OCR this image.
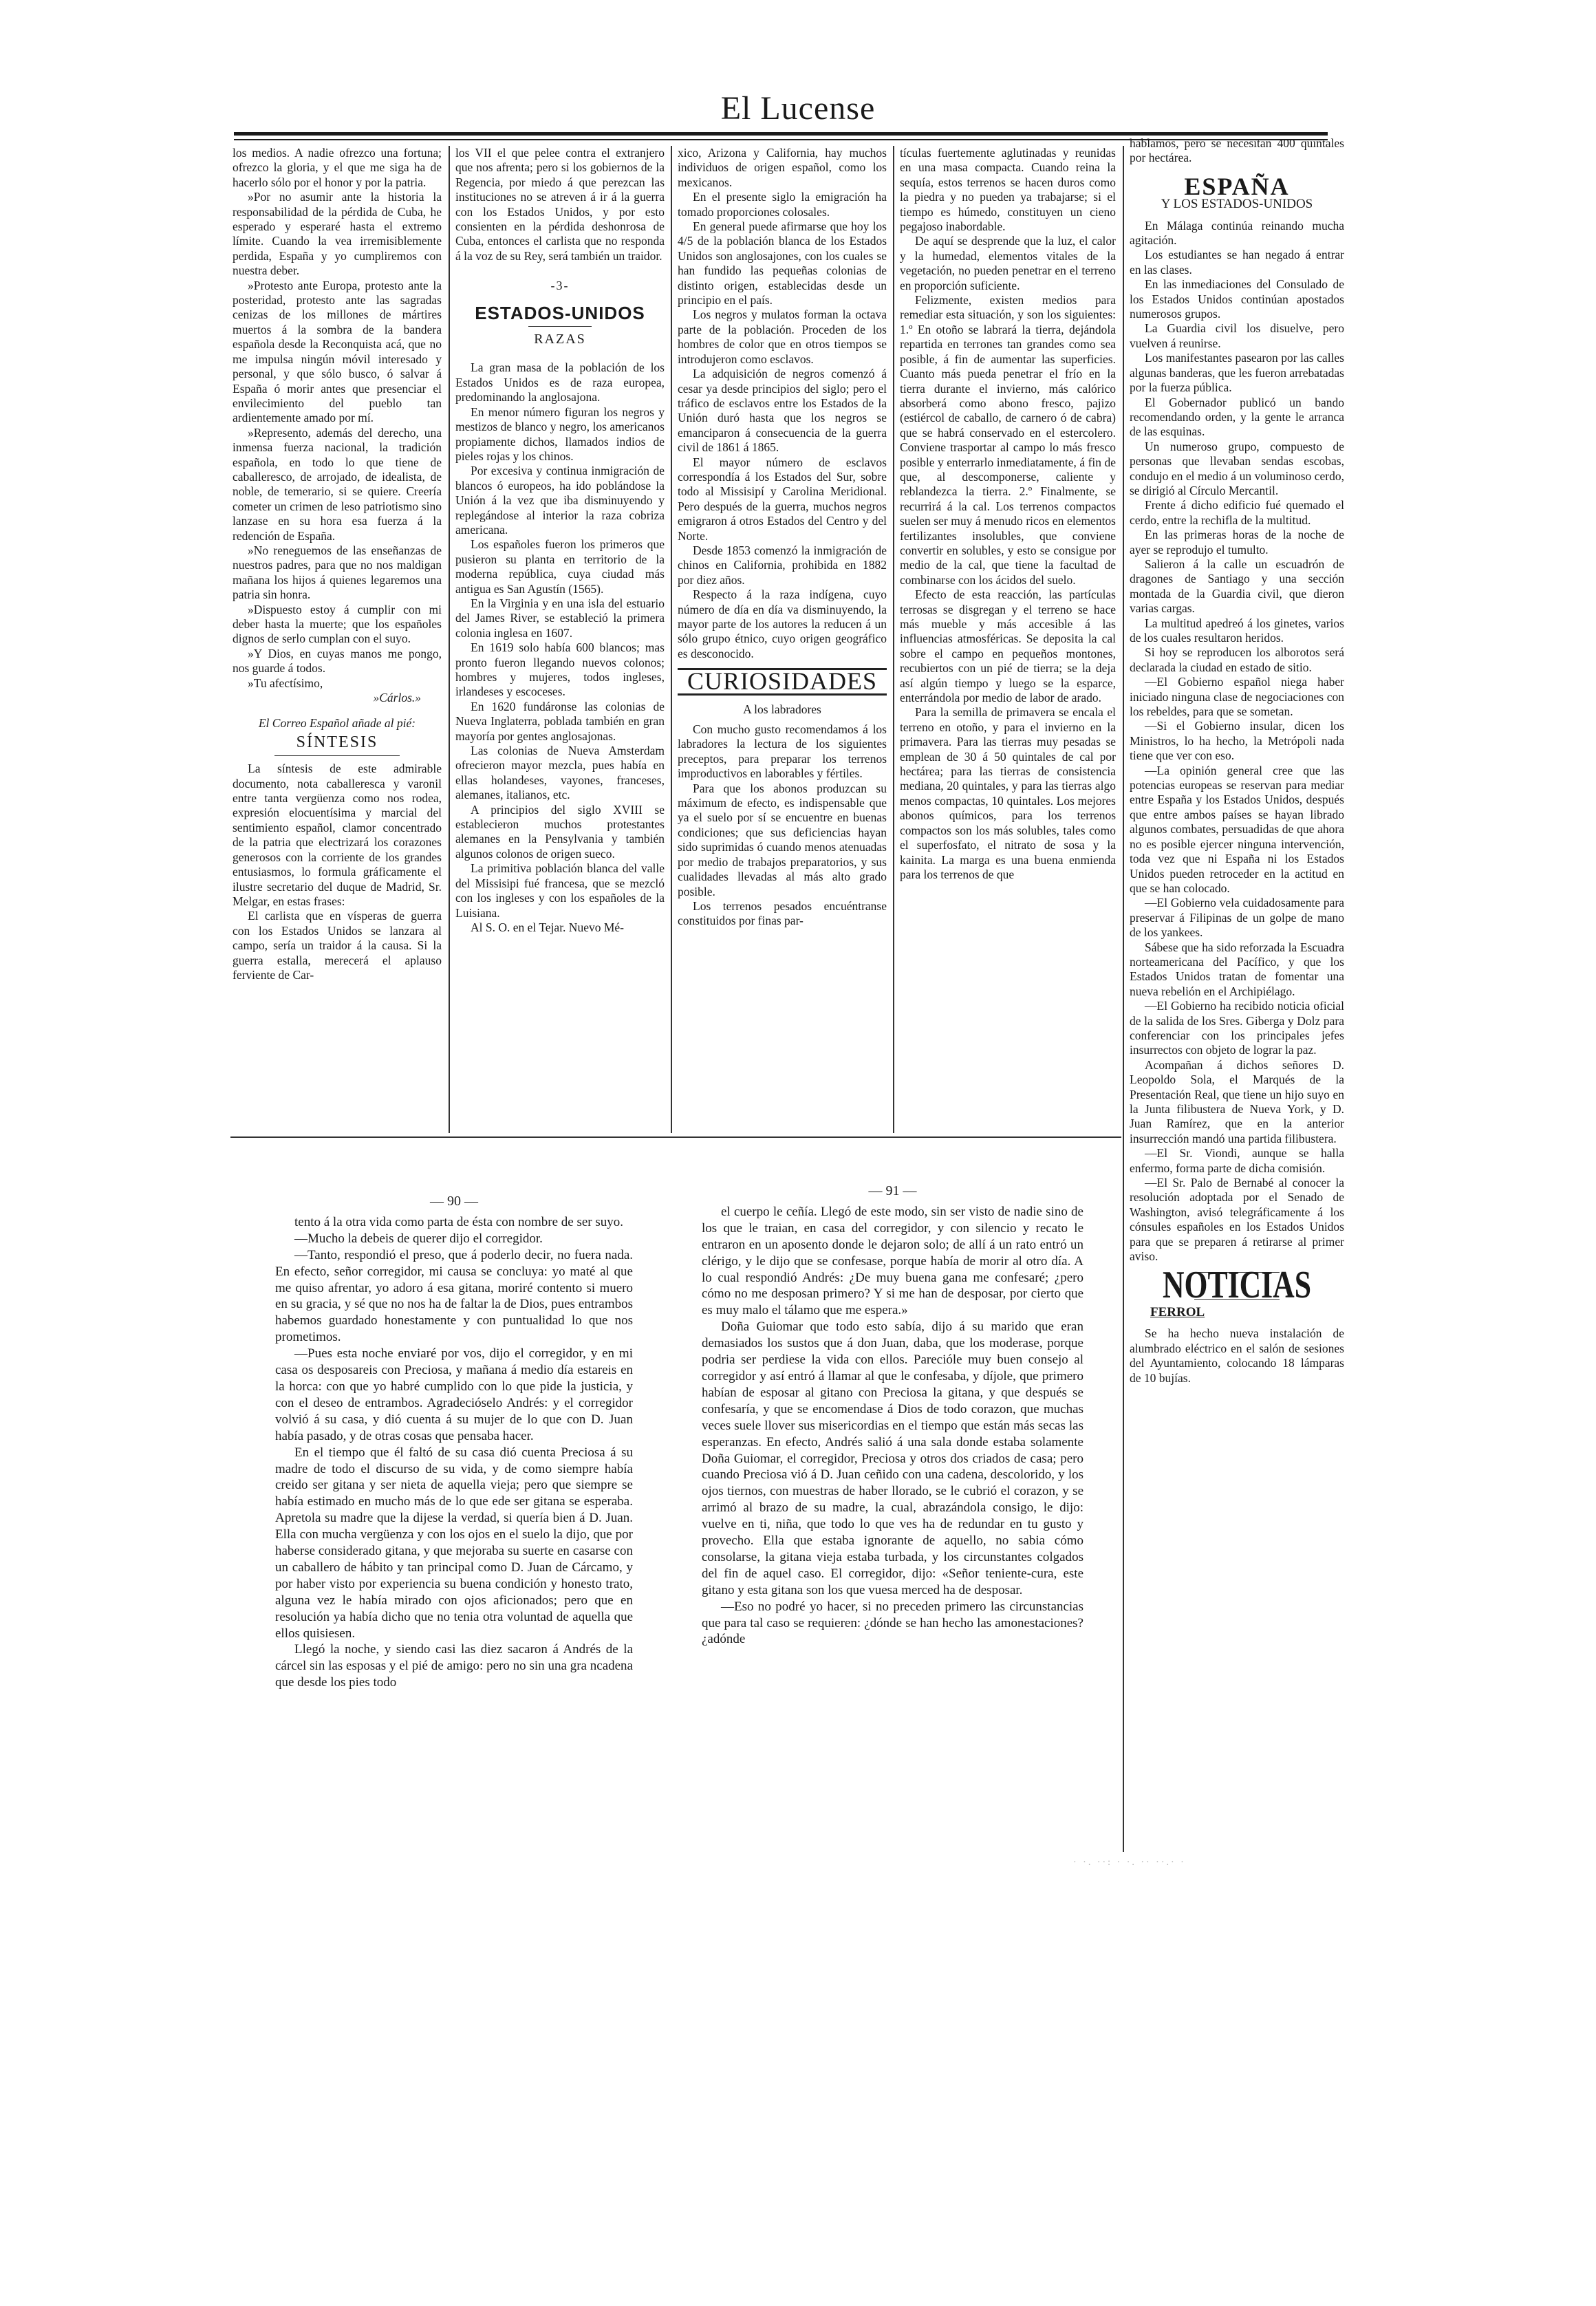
El Lucense

los medios. A nadie ofrezco una fortuna; ofrezco la gloria, y el que me siga ha de hacerlo sólo por el honor y por la patria.

»Por no asumir ante la historia la responsabilidad de la pérdida de Cuba, he esperado y esperaré hasta el extremo límite. Cuando la vea irremisiblemente perdida, España y yo cumpliremos con nuestra deber.

»Protesto ante Europa, protesto ante la posteridad, protesto ante las sagradas cenizas de los millones de mártires muertos á la sombra de la bandera española desde la Reconquista acá, que no me impulsa ningún móvil interesado y personal, y que sólo busco, ó salvar á España ó morir antes que presenciar el envilecimiento del pueblo tan ardientemente amado por mí.

»Represento, además del derecho, una inmensa fuerza nacional, la tradición española, en todo lo que tiene de caballeresco, de arrojado, de idealista, de noble, de temerario, si se quiere. Creería cometer un crimen de leso patriotismo sino lanzase en su hora esa fuerza á la redención de España.

»No reneguemos de las enseñanzas de nuestros padres, para que no nos maldigan mañana los hijos á quienes legaremos una patria sin honra.

»Dispuesto estoy á cumplir con mi deber hasta la muerte; que los españoles dignos de serlo cumplan con el suyo.

»Y Dios, en cuyas manos me pongo, nos guarde á todos.

»Tu afectísimo,

»Cárlos.»
El Correo Español añade al pié:
SÍNTESIS

La síntesis de este admirable documento, nota caballeresca y varonil entre tanta vergüenza como nos rodea, expresión elocuentísima y marcial del sentimiento español, clamor concentrado de la patria que electrizará los corazones generosos con la corriente de los grandes entusiasmos, lo formula gráficamente el ilustre secretario del duque de Madrid, Sr. Melgar, en estas frases:

El carlista que en vísperas de guerra con los Estados Unidos se lanzara al campo, sería un traidor á la causa. Si la guerra estalla, merecerá el aplauso ferviente de Car-

los VII el que pelee contra el extranjero que nos afrenta; pero si los gobiernos de la Regencia, por miedo á que perezcan las instituciones no se atreven á ir á la guerra con los Estados Unidos, y por esto consienten en la pérdida deshonrosa de Cuba, entonces el carlista que no responda á la voz de su Rey, será también un traidor.

-3-
ESTADOS-UNIDOS
RAZAS

La gran masa de la población de los Estados Unidos es de raza europea, predominando la anglosajona.

En menor número figuran los negros y mestizos de blanco y negro, los americanos propiamente dichos, llamados indios de pieles rojas y los chinos.

Por excesiva y continua inmigración de blancos ó europeos, ha ido poblándose la Unión á la vez que iba disminuyendo y replegándose al interior la raza cobriza americana.

Los españoles fueron los primeros que pusieron su planta en territorio de la moderna república, cuya ciudad más antigua es San Agustín (1565).

En la Virginia y en una isla del estuario del James River, se estableció la primera colonia inglesa en 1607.

En 1619 solo había 600 blancos; mas pronto fueron llegando nuevos colonos; hombres y mujeres, todos ingleses, irlandeses y escoceses.

En 1620 fundáronse las colonias de Nueva Inglaterra, poblada también en gran mayoría por gentes anglosajonas.

Las colonias de Nueva Amsterdam ofrecieron mayor mezcla, pues había en ellas holandeses, vayones, franceses, alemanes, italianos, etc.

A principios del siglo XVIII se establecieron muchos protestantes alemanes en la Pensylvania y también algunos colonos de origen sueco.

La primitiva población blanca del valle del Missisipi fué francesa, que se mezcló con los ingleses y con los españoles de la Luisiana.

Al S. O. en el Tejar. Nuevo Mé-

xico, Arizona y California, hay muchos individuos de origen español, como los mexicanos.

En el presente siglo la emigración ha tomado proporciones colosales.

En general puede afirmarse que hoy los 4/5 de la población blanca de los Estados Unidos son anglosajones, con los cuales se han fundido las pequeñas colonias de distinto origen, establecidas desde un principio en el país.

Los negros y mulatos forman la octava parte de la población. Proceden de los hombres de color que en otros tiempos se introdujeron como esclavos.

La adquisición de negros comenzó á cesar ya desde principios del siglo; pero el tráfico de esclavos entre los Estados de la Unión duró hasta que los negros se emanciparon á consecuencia de la guerra civil de 1861 á 1865.

El mayor número de esclavos correspondía á los Estados del Sur, sobre todo al Missisipí y Carolina Meridional. Pero después de la guerra, muchos negros emigraron á otros Estados del Centro y del Norte.

Desde 1853 comenzó la inmigración de chinos en California, prohibida en 1882 por diez años.

Respecto á la raza indígena, cuyo número de día en día va disminuyendo, la mayor parte de los autores la reducen á un sólo grupo étnico, cuyo origen geográfico es desconocido.

CURIOSIDADES
A los labradores

Con mucho gusto recomendamos á los labradores la lectura de los siguientes preceptos, para preparar los terrenos improductivos en laborables y fértiles.

Para que los abonos produzcan su máximum de efecto, es indispensable que ya el suelo por sí se encuentre en buenas condiciones; que sus deficiencias hayan sido suprimidas ó cuando menos atenuadas por medio de trabajos preparatorios, y sus cualidades llevadas al más alto grado posible.

Los terrenos pesados encuéntranse constituidos por finas par-

tículas fuertemente aglutinadas y reunidas en una masa compacta. Cuando reina la sequía, estos terrenos se hacen duros como la piedra y no pueden ya trabajarse; si el tiempo es húmedo, constituyen un cieno pegajoso inabordable.

De aquí se desprende que la luz, el calor y la humedad, elementos vitales de la vegetación, no pueden penetrar en el terreno en proporción suficiente.

Felizmente, existen medios para remediar esta situación, y son los siguientes: 1.º En otoño se labrará la tierra, dejándola repartida en terrones tan grandes como sea posible, á fin de aumentar las superficies. Cuanto más pueda penetrar el frío en la tierra durante el invierno, más calórico absorberá como abono fresco, pajizo (estiércol de caballo, de carnero ó de cabra) que se habrá conservado en el estercolero. Conviene trasportar al campo lo más fresco posible y enterrarlo inmediatamente, á fin de que, al descomponerse, caliente y reblandezca la tierra. 2.º Finalmente, se recurrirá á la cal. Los terrenos compactos suelen ser muy á menudo ricos en elementos fertilizantes insolubles, que conviene convertir en solubles, y esto se consigue por medio de la cal, que tiene la facultad de combinarse con los ácidos del suelo.

Efecto de esta reacción, las partículas terrosas se disgregan y el terreno se hace más mueble y más accesible á las influencias atmosféricas. Se deposita la cal sobre el campo en pequeños montones, recubiertos con un pié de tierra; se la deja así algún tiempo y luego se la esparce, enterrándola por medio de labor de arado.

Para la semilla de primavera se encala el terreno en otoño, y para el invierno en la primavera. Para las tierras muy pesadas se emplean de 30 á 50 quintales de cal por hectárea; para las tierras de consistencia mediana, 20 quintales, y para las tierras algo menos compactas, 10 quintales. Los mejores abonos químicos, para los terrenos compactos son los más solubles, tales como el superfosfato, el nitrato de sosa y la kainita. La marga es una buena enmienda para los terrenos de que

hablamos, pero se necesitan 400 quintales por hectárea.

ESPAÑA
Y LOS ESTADOS-UNIDOS

En Málaga continúa reinando mucha agitación.

Los estudiantes se han negado á entrar en las clases.

En las inmediaciones del Consulado de los Estados Unidos continúan apostados numerosos grupos.

La Guardia civil los disuelve, pero vuelven á reunirse.

Los manifestantes pasearon por las calles algunas banderas, que les fueron arrebatadas por la fuerza pública.

El Gobernador publicó un bando recomendando orden, y la gente le arranca de las esquinas.

Un numeroso grupo, compuesto de personas que llevaban sendas escobas, condujo en el medio á un voluminoso cerdo, se dirigió al Círculo Mercantil.

Frente á dicho edificio fué quemado el cerdo, entre la rechifla de la multitud.

En las primeras horas de la noche de ayer se reprodujo el tumulto.

Salieron á la calle un escuadrón de dragones de Santiago y una sección montada de la Guardia civil, que dieron varias cargas.

La multitud apedreó á los ginetes, varios de los cuales resultaron heridos.

Si hoy se reproducen los alborotos será declarada la ciudad en estado de sitio.

—El Gobierno español niega haber iniciado ninguna clase de negociaciones con los rebeldes, para que se sometan.

—Si el Gobierno insular, dicen los Ministros, lo ha hecho, la Metrópoli nada tiene que ver con eso.

—La opinión general cree que las potencias europeas se reservan para mediar entre España y los Estados Unidos, después que entre ambos países se hayan librado algunos combates, persuadidas de que ahora no es posible ejercer ninguna intervención, toda vez que ni España ni los Estados Unidos pueden retroceder en la actitud en que se han colocado.

—El Gobierno vela cuidadosamente para preservar á Filipinas de un golpe de mano de los yankees.

Sábese que ha sido reforzada la Escuadra norteamericana del Pacífico, y que los Estados Unidos tratan de fomentar una nueva rebelión en el Archipiélago.

—El Gobierno ha recibido noticia oficial de la salida de los Sres. Giberga y Dolz para conferenciar con los principales jefes insurrectos con objeto de lograr la paz.

Acompañan á dichos señores D. Leopoldo Sola, el Marqués de la Presentación Real, que tiene un hijo suyo en la Junta filibustera de Nueva York, y D. Juan Ramírez, que en la anterior insurrección mandó una partida filibustera.

—El Sr. Viondi, aunque se halla enfermo, forma parte de dicha comisión.

—El Sr. Palo de Bernabé al conocer la resolución adoptada por el Senado de Washington, avisó telegráficamente á los cónsules españoles en los Estados Unidos para que se preparen á retirarse al primer aviso.

NOTICIAS
FERROL

Se ha hecho nueva instalación de alumbrado eléctrico en el salón de sesiones del Ayuntamiento, colocando 18 lámparas de 10 bujías.

— 90 —

tento á la otra vida como parta de ésta con nombre de ser suyo.

—Mucho la debeis de querer dijo el corregidor.

—Tanto, respondió el preso, que á poderlo decir, no fuera nada. En efecto, señor corregidor, mi causa se concluya: yo maté al que me quiso afrentar, yo adoro á esa gitana, moriré contento si muero en su gracia, y sé que no nos ha de faltar la de Dios, pues entrambos habemos guardado honestamente y con puntualidad lo que nos prometimos.

—Pues esta noche enviaré por vos, dijo el corregidor, y en mi casa os desposareis con Preciosa, y mañana á medio día estareis en la horca: con que yo habré cumplido con lo que pide la justicia, y con el deseo de entrambos. Agradecióselo Andrés: y el corregidor volvió á su casa, y dió cuenta á su mujer de lo que con D. Juan había pasado, y de otras cosas que pensaba hacer.

En el tiempo que él faltó de su casa dió cuenta Preciosa á su madre de todo el discurso de su vida, y de como siempre había creido ser gitana y ser nieta de aquella vieja; pero que siempre se había estimado en mucho más de lo que ede ser gitana se esperaba. Apretola su madre que la dijese la verdad, si quería bien á D. Juan. Ella con mucha vergüenza y con los ojos en el suelo la dijo, que por haberse considerado gitana, y que mejoraba su suerte en casarse con un caballero de hábito y tan principal como D. Juan de Cárcamo, y por haber visto por experiencia su buena condición y honesto trato, alguna vez le había mirado con ojos aficionados; pero que en resolución ya había dicho que no tenia otra voluntad de aquella que ellos quisiesen.

Llegó la noche, y siendo casi las diez sacaron á Andrés de la cárcel sin las esposas y el pié de amigo: pero no sin una gra ncadena que desde los pies todo

— 91 —

el cuerpo le ceñía. Llegó de este modo, sin ser visto de nadie sino de los que le traian, en casa del corregidor, y con silencio y recato le entraron en un aposento donde le dejaron solo; de allí á un rato entró un clérigo, y le dijo que se confesase, porque había de morir al otro día. A lo cual respondió Andrés: ¿De muy buena gana me confesaré; ¿pero cómo no me desposan primero? Y si me han de desposar, por cierto que es muy malo el tálamo que me espera.»

Doña Guiomar que todo esto sabía, dijo á su marido que eran demasiados los sustos que á don Juan, daba, que los moderase, porque podria ser perdiese la vida con ellos. Parecióle muy buen consejo al corregidor y así entró á llamar al que le confesaba, y díjole, que primero habían de esposar al gitano con Preciosa la gitana, y que después se confesaría, y que se encomendase á Dios de todo corazon, que muchas veces suele llover sus misericordias en el tiempo que están más secas las esperanzas. En efecto, Andrés salió á una sala donde estaba solamente Doña Guiomar, el corregidor, Preciosa y otros dos criados de casa; pero cuando Preciosa vió á D. Juan ceñido con una cadena, descolorido, y los ojos tiernos, con muestras de haber llorado, se le cubrió el corazon, y se arrimó al brazo de su madre, la cual, abrazándola consigo, le dijo: vuelve en ti, niña, que todo lo que ves ha de redundar en tu gusto y provecho. Ella que estaba ignorante de aquello, no sabia cómo consolarse, la gitana vieja estaba turbada, y los circunstantes colgados del fin de aquel caso. El corregidor, dijo: «Señor teniente-cura, este gitano y esta gitana son los que vuesa merced ha de desposar.

—Eso no podré yo hacer, si no preceden primero las circunstancias que para tal caso se requieren: ¿dónde se han hecho las amonestaciones? ¿adónde

· ·. ··: · ·. ·· ··.· ·
